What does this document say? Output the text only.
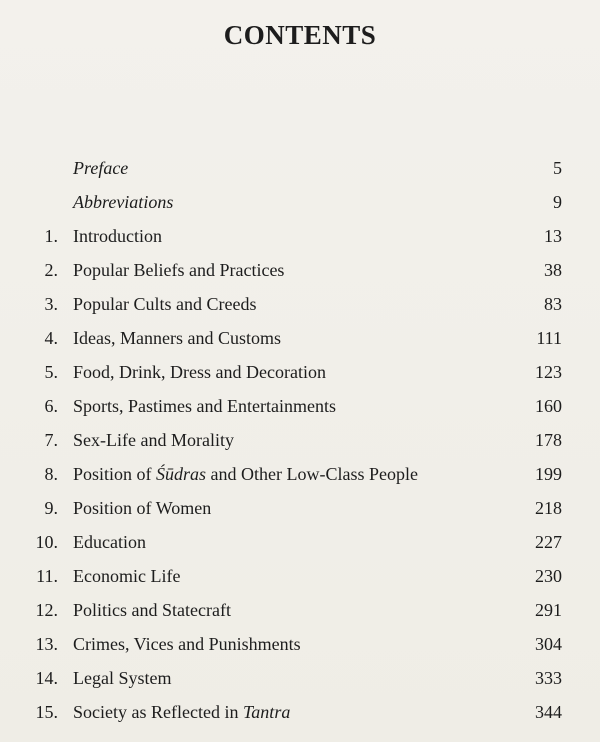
CONTENTS
Preface	5
Abbreviations	9
1. Introduction	13
2. Popular Beliefs and Practices	38
3. Popular Cults and Creeds	83
4. Ideas, Manners and Customs	111
5. Food, Drink, Dress and Decoration	123
6. Sports, Pastimes and Entertainments	160
7. Sex-Life and Morality	178
8. Position of Śūdras and Other Low-Class People	199
9. Position of Women	218
10. Education	227
11. Economic Life	230
12. Politics and Statecraft	291
13. Crimes, Vices and Punishments	304
14. Legal System	333
15. Society as Reflected in Tantra	344
